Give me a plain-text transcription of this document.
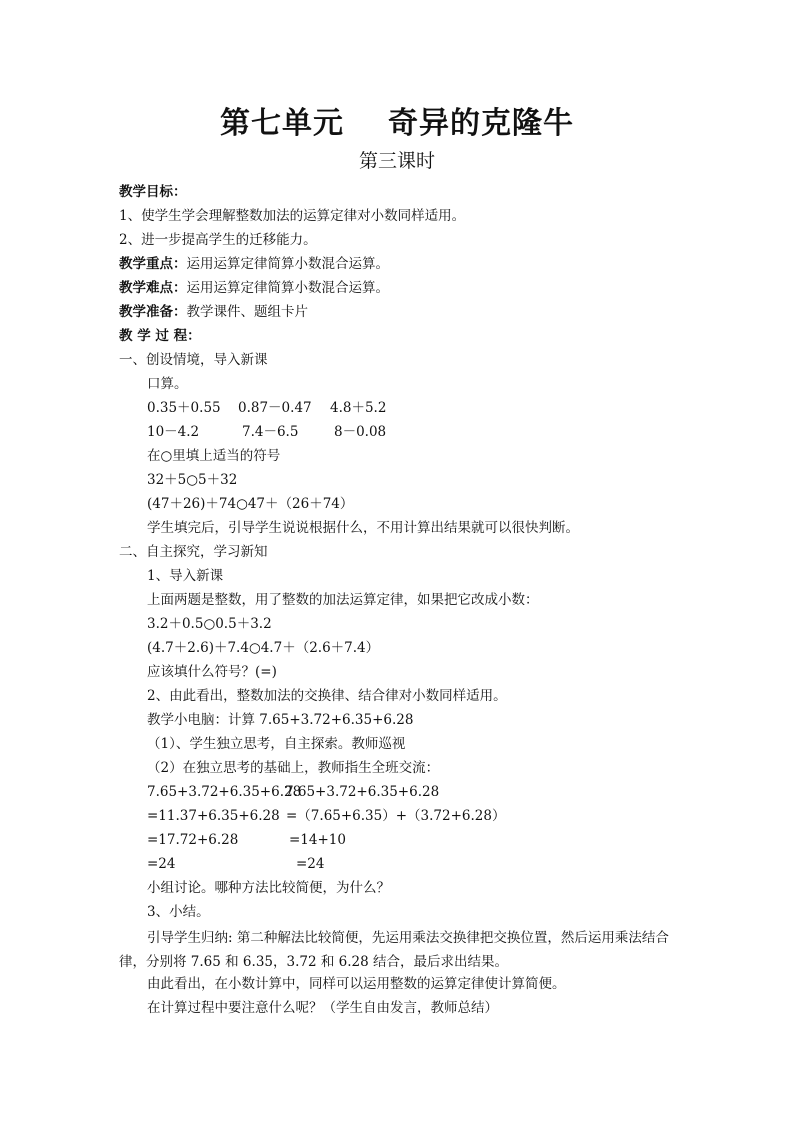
第七单元 奇异的克隆牛
第三课时
教学目标：
1、使学生学会理解整数加法的运算定律对小数同样适用。
2、进一步提高学生的迁移能力。
教学重点：运用运算定律简算小数混合运算。
教学难点：运用运算定律简算小数混合运算。
教学准备：教学课件、题组卡片
教 学 过 程：
一、创设情境，导入新课
口算。
0.35＋0.55 0.87－0.47 4.8＋5.2
10－4.2	7.4－6.5	8－0.08
在○里填上适当的符号
32＋5○5＋32
(47＋26)＋74○47＋（26＋74）
学生填完后，引导学生说说根据什么，不用计算出结果就可以很快判断。
二、自主探究，学习新知
1、导入新课
上面两题是整数，用了整数的加法运算定律，如果把它改成小数：
3.2＋0.5○0.5＋3.2
(4.7＋2.6)＋7.4○4.7＋（2.6＋7.4）
应该填什么符号？(=)
2、由此看出，整数加法的交换律、结合律对小数同样适用。
教学小电脑：计算 7.65+3.72+6.35+6.28
（1）、学生独立思考，自主探索。教师巡视
（2）在独立思考的基础上，教师指生全班交流：
7.65+3.72+6.35+6.28
=11.37+6.35+6.28
=17.72+6.28
=24
7.65+3.72+6.35+6.28
=（7.65+6.35）+（3.72+6.28）
=14+10
=24
小组讨论。哪种方法比较简便，为什么？
3、小结。
引导学生归纳: 第二种解法比较简便，先运用乘法交换律把交换位置，然后运用乘法结合律，分别将 7.65 和 6.35，3.72 和 6.28 结合，最后求出结果。
由此看出，在小数计算中，同样可以运用整数的运算定律使计算简便。
在计算过程中要注意什么呢？（学生自由发言，教师总结）
